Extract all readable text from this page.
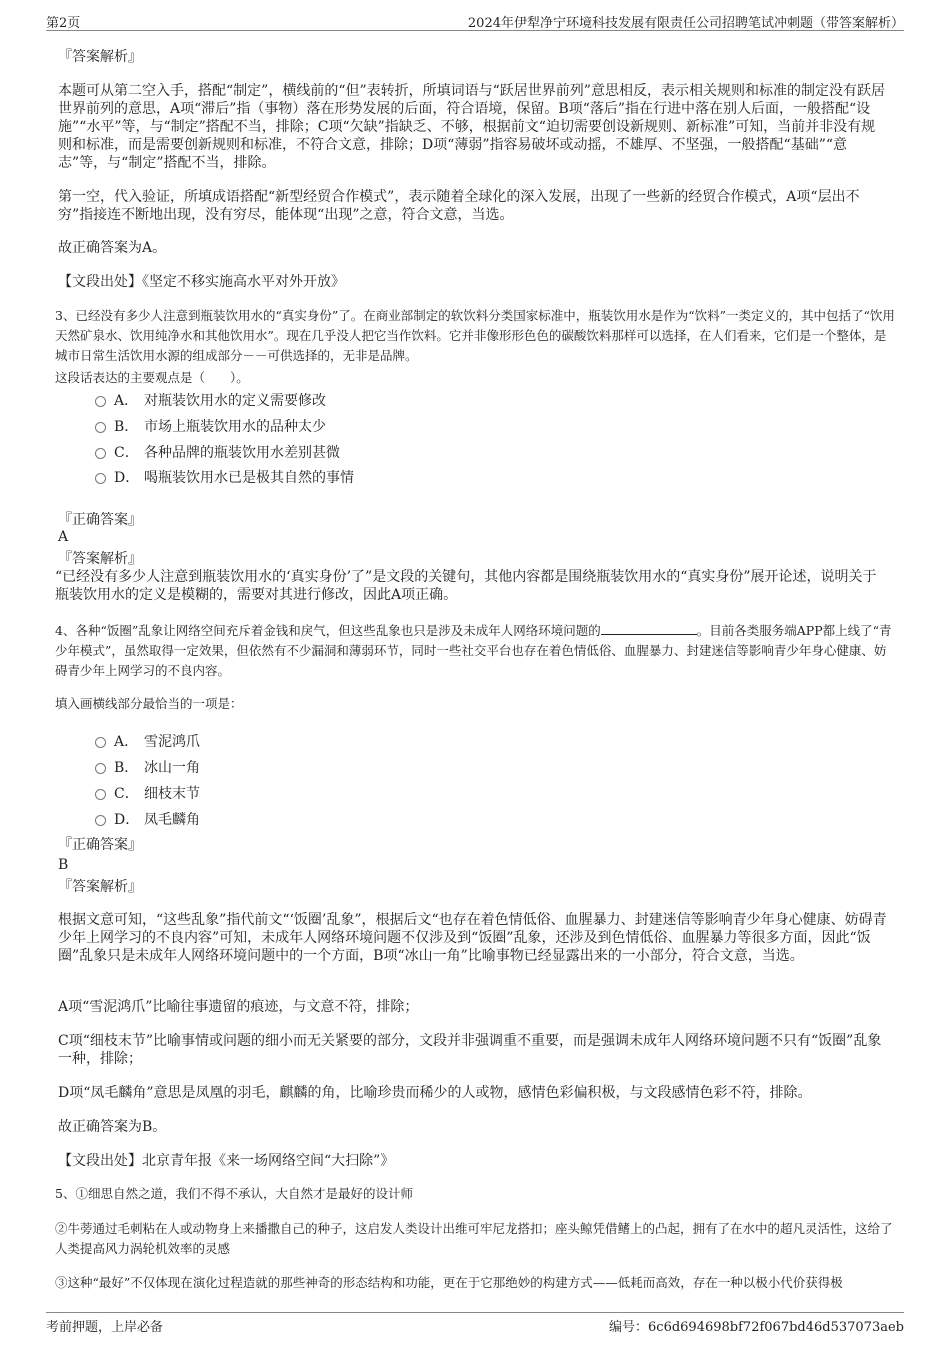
第2页	2024年伊犁净宁环境科技发展有限责任公司招聘笔试冲刺题（带答案解析）
『答案解析』

本题可从第二空入手，搭配“制定”，横线前的“但”表转折，所填词语与“跃居世界前列”意思相反，表示相关规则和标准的制定没有跃居世界前列的意思，A项“滞后”指（事物）落在形势发展的后面，符合语境，保留。B项“落后”指在行进中落在别人后面，一般搭配“设施”“水平”等，与“制定”搭配不当，排除；C项“欠缺”指缺乏、不够，根据前文“迫切需要创设新规则、新标准”可知，当前并非没有规则和标准，而是需要创新规则和标准，不符合文意，排除；D项“薄弱”指容易破坏或动摇，不雄厚、不坚强，一般搭配“基础”“意志”等，与“制定”搭配不当，排除。

第一空，代入验证，所填成语搭配“新型经贸合作模式”，表示随着全球化的深入发展，出现了一些新的经贸合作模式，A项“层出不穷”指接连不断地出现，没有穷尽，能体现“出现”之意，符合文意，当选。

故正确答案为A。
【文段出处】《坚定不移实施高水平对外开放》

3、已经没有多少人注意到瓶装饮用水的“真实身份”了。在商业部制定的软饮料分类国家标准中，瓶装饮用水是作为“饮料”一类定义的，其中包括了“饮用天然矿泉水、饮用纯净水和其他饮用水”。现在几乎没人把它当作饮料。它并非像形形色色的碳酸饮料那样可以选择，在人们看来，它们是一个整体，是城市日常生活饮用水源的组成部分－－可供选择的，无非是品牌。

这段话表达的主要观点是（　　）。
A． 对瓶装饮用水的定义需要修改
B． 市场上瓶装饮用水的品种太少
C． 各种品牌的瓶装饮用水差别甚微
D． 喝瓶装饮用水已是极其自然的事情
『正确答案』
A
『答案解析』

“已经没有多少人注意到瓶装饮用水的‘真实身份’了”是文段的关键句，其他内容都是围绕瓶装饮用水的“真实身份”展开论述，说明关于瓶装饮用水的定义是模糊的，需要对其进行修改，因此A项正确。

4、各种“饭圈”乱象让网络空间充斥着金钱和戾气，但这些乱象也只是涉及未成年人网络环境问题的	。目前各类服务端APP都上线了“青少年模式”，虽然取得一定效果，但依然有不少漏洞和薄弱环节，同时一些社交平台也存在着色情低俗、血腥暴力、封建迷信等影响青少年身心健康、妨碍青少年上网学习的不良内容。

填入画横线部分最恰当的一项是：
A． 雪泥鸿爪
B． 冰山一角
C． 细枝末节
D． 凤毛麟角
『正确答案』
B
『答案解析』

根据文意可知，“这些乱象”指代前文“‘饭圈’乱象”，根据后文“也存在着色情低俗、血腥暴力、封建迷信等影响青少年身心健康、妨碍青少年上网学习的不良内容”可知，未成年人网络环境问题不仅涉及到“饭圈”乱象，还涉及到色情低俗、血腥暴力等很多方面，因此“饭圈”乱象只是未成年人网络环境问题中的一个方面，B项“冰山一角”比喻事物已经显露出来的一小部分，符合文意，当选。

A项“雪泥鸿爪”比喻往事遗留的痕迹，与文意不符，排除；

C项“细枝末节”比喻事情或问题的细小而无关紧要的部分，文段并非强调重不重要，而是强调未成年人网络环境问题不只有“饭圈”乱象一种，排除；

D项“凤毛麟角”意思是凤凰的羽毛，麒麟的角，比喻珍贵而稀少的人或物，感情色彩偏积极，与文段感情色彩不符，排除。

故正确答案为B。
【文段出处】北京青年报《来一场网络空间“大扫除”》

5、①细思自然之道，我们不得不承认，大自然才是最好的设计师

②牛蒡通过毛刺粘在人或动物身上来播撒自己的种子，这启发人类设计出维可牢尼龙搭扣；座头鲸凭借鳍上的凸起，拥有了在水中的超凡灵活性，这给了人类提高风力涡轮机效率的灵感

③这种“最好”不仅体现在演化过程造就的那些神奇的形态结构和功能，更在于它那绝妙的构建方式——低耗而高效，存在一种以极小代价获得极

考前押题，上岸必备	编号：6c6d694698bf72f067bd46d537073aeb
